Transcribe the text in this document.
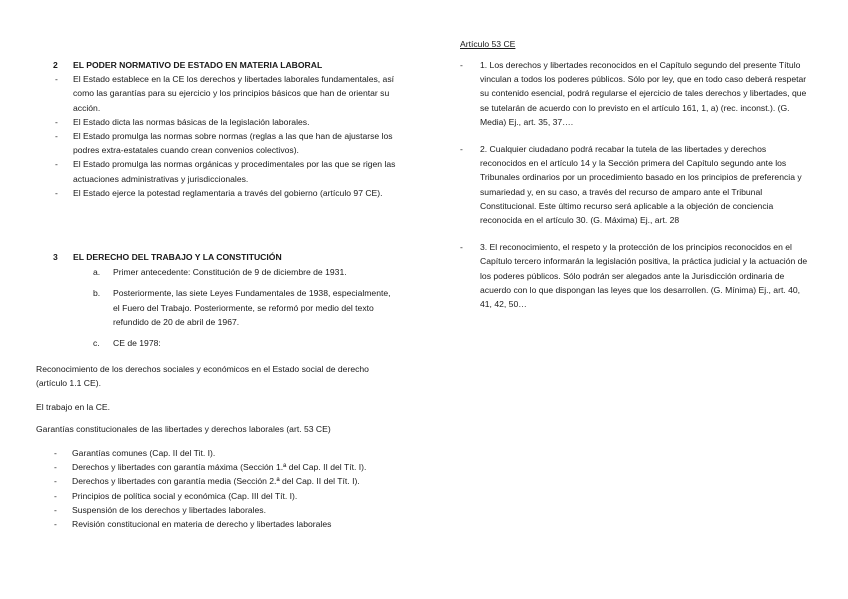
2 EL PODER NORMATIVO DE ESTADO EN MATERIA LABORAL
- El Estado establece en la CE los derechos y libertades laborales fundamentales, así como las garantías para su ejercicio y los principios básicos que han de orientar su acción.
- El Estado dicta las normas básicas de la legislación laborales.
- El Estado promulga las normas sobre normas (reglas a las que han de ajustarse los podres extra-estatales cuando crean convenios colectivos).
- El Estado promulga las normas orgánicas y procedimentales por las que se rigen las actuaciones administrativas y jurisdiccionales.
- El Estado ejerce la potestad reglamentaria a través del gobierno (artículo 97 CE).
3 EL DERECHO DEL TRABAJO Y LA CONSTITUCIÓN
a. Primer antecedente: Constitución de 9 de diciembre de 1931.
b. Posteriormente, las siete Leyes Fundamentales de 1938, especialmente, el Fuero del Trabajo. Posteriormente, se reformó por medio del texto refundido de 20 de abril de 1967.
c. CE de 1978:
Reconocimiento de los derechos sociales y económicos en el Estado social de derecho (artículo 1.1 CE).
El trabajo en la CE.
Garantías constitucionales de las libertades y derechos laborales (art. 53 CE)
- Garantías comunes (Cap. II del Tit. I).
- Derechos y libertades con garantía máxima (Sección 1.ª del Cap. II del Tít. I).
- Derechos y libertades con garantía media (Sección 2.ª del Cap. II del Tít. I).
- Principios de política social y económica (Cap. III del Tít. I).
- Suspensión de los derechos y libertades laborales.
- Revisión constitucional en materia de derecho y libertades laborales
Artículo 53 CE
- 1. Los derechos y libertades reconocidos en el Capítulo segundo del presente Título vinculan a todos los poderes públicos. Sólo por ley, que en todo caso deberá respetar su contenido esencial, podrá regularse el ejercicio de tales derechos y libertades, que se tutelarán de acuerdo con lo previsto en el artículo 161, 1, a) (rec. inconst.). (G. Media) Ej., art. 35, 37….
- 2. Cualquier ciudadano podrá recabar la tutela de las libertades y derechos reconocidos en el artículo 14 y la Sección primera del Capítulo segundo ante los Tribunales ordinarios por un procedimiento basado en los principios de preferencia y sumariedad y, en su caso, a través del recurso de amparo ante el Tribunal Constitucional. Este último recurso será aplicable a la objeción de conciencia reconocida en el artículo 30. (G. Máxima) Ej., art. 28
- 3. El reconocimiento, el respeto y la protección de los principios reconocidos en el Capítulo tercero informarán la legislación positiva, la práctica judicial y la actuación de los poderes públicos. Sólo podrán ser alegados ante la Jurisdicción ordinaria de acuerdo con lo que dispongan las leyes que los desarrollen. (G. Mínima) Ej., art. 40, 41, 42, 50…
